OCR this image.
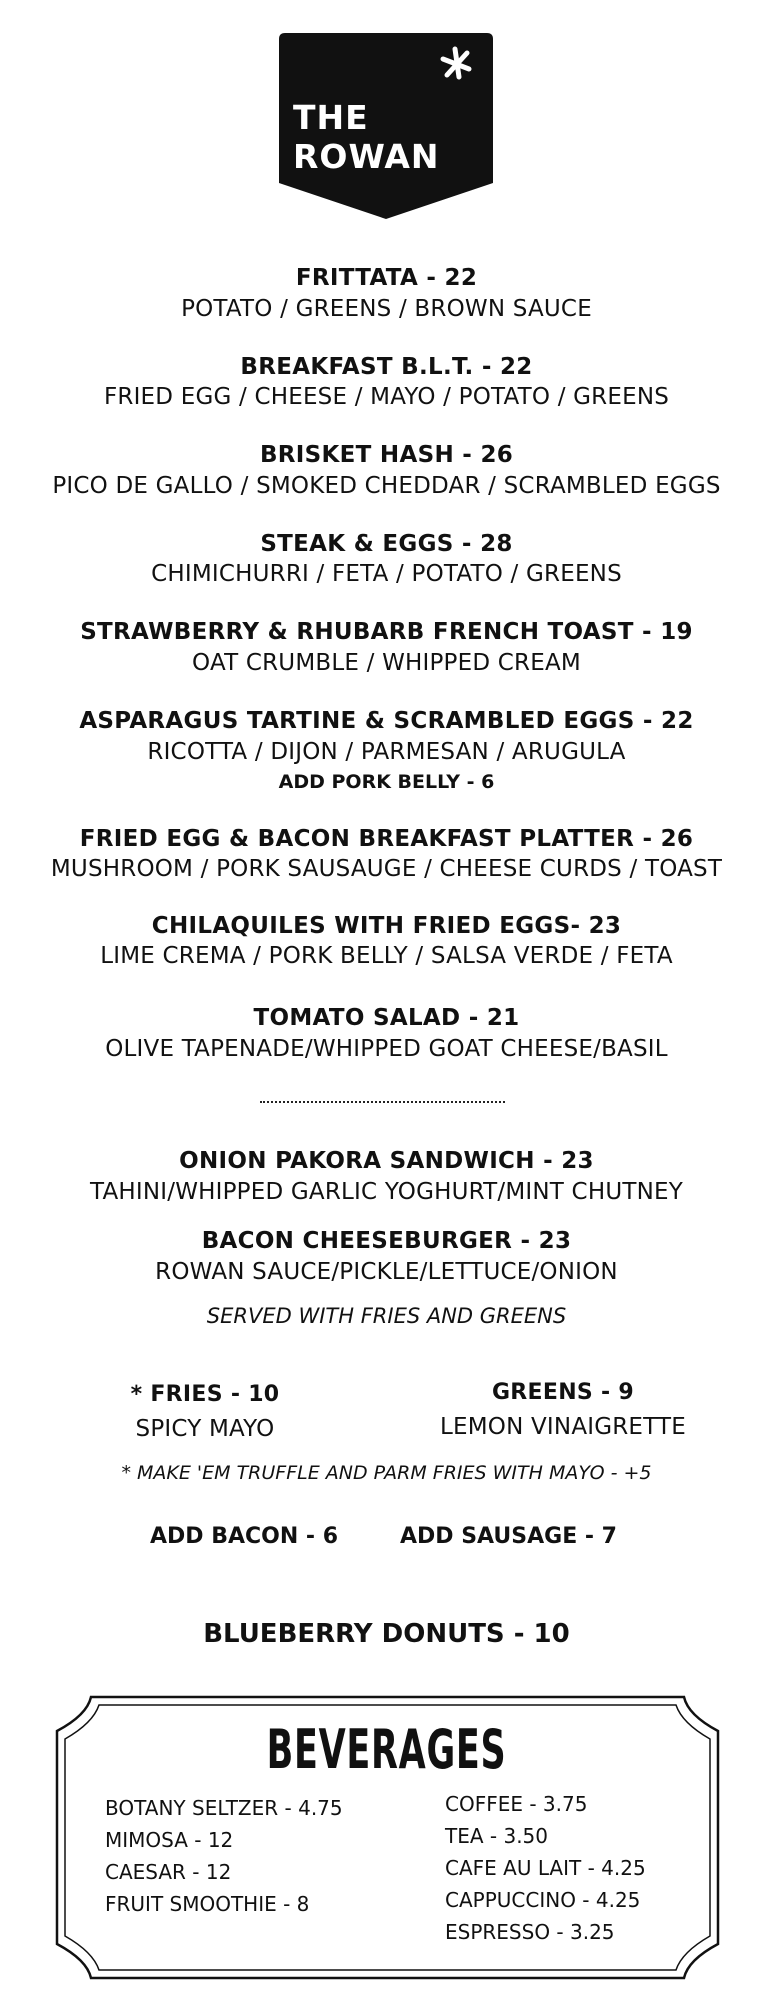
THE
ROWAN
FRITTATA - 22
POTATO / GREENS / BROWN SAUCE
BREAKFAST B.L.T. - 22
FRIED EGG / CHEESE / MAYO / POTATO / GREENS
BRISKET HASH - 26
PICO DE GALLO / SMOKED CHEDDAR / SCRAMBLED EGGS
STEAK & EGGS - 28
CHIMICHURRI / FETA / POTATO / GREENS
STRAWBERRY & RHUBARB FRENCH TOAST - 19
OAT CRUMBLE / WHIPPED CREAM
ASPARAGUS TARTINE & SCRAMBLED EGGS - 22
RICOTTA / DIJON / PARMESAN / ARUGULA
ADD PORK BELLY - 6
FRIED EGG & BACON BREAKFAST PLATTER - 26
MUSHROOM / PORK SAUSAUGE / CHEESE CURDS / TOAST
CHILAQUILES WITH FRIED EGGS- 23
LIME CREMA / PORK BELLY / SALSA VERDE / FETA
TOMATO SALAD - 21
OLIVE TAPENADE/WHIPPED GOAT CHEESE/BASIL
ONION PAKORA SANDWICH - 23
TAHINI/WHIPPED GARLIC YOGHURT/MINT CHUTNEY
BACON CHEESEBURGER - 23
ROWAN SAUCE/PICKLE/LETTUCE/ONION
SERVED WITH FRIES AND GREENS
* FRIES - 10
SPICY MAYO
GREENS - 9
LEMON VINAIGRETTE
* MAKE 'EM TRUFFLE AND PARM FRIES WITH MAYO - +5
ADD BACON - 6	ADD SAUSAGE - 7
BLUEBERRY DONUTS - 10
BEVERAGES
BOTANY SELTZER - 4.75
MIMOSA - 12
CAESAR - 12
FRUIT SMOOTHIE - 8
COFFEE - 3.75
TEA - 3.50
CAFE AU LAIT - 4.25
CAPPUCCINO - 4.25
ESPRESSO - 3.25
